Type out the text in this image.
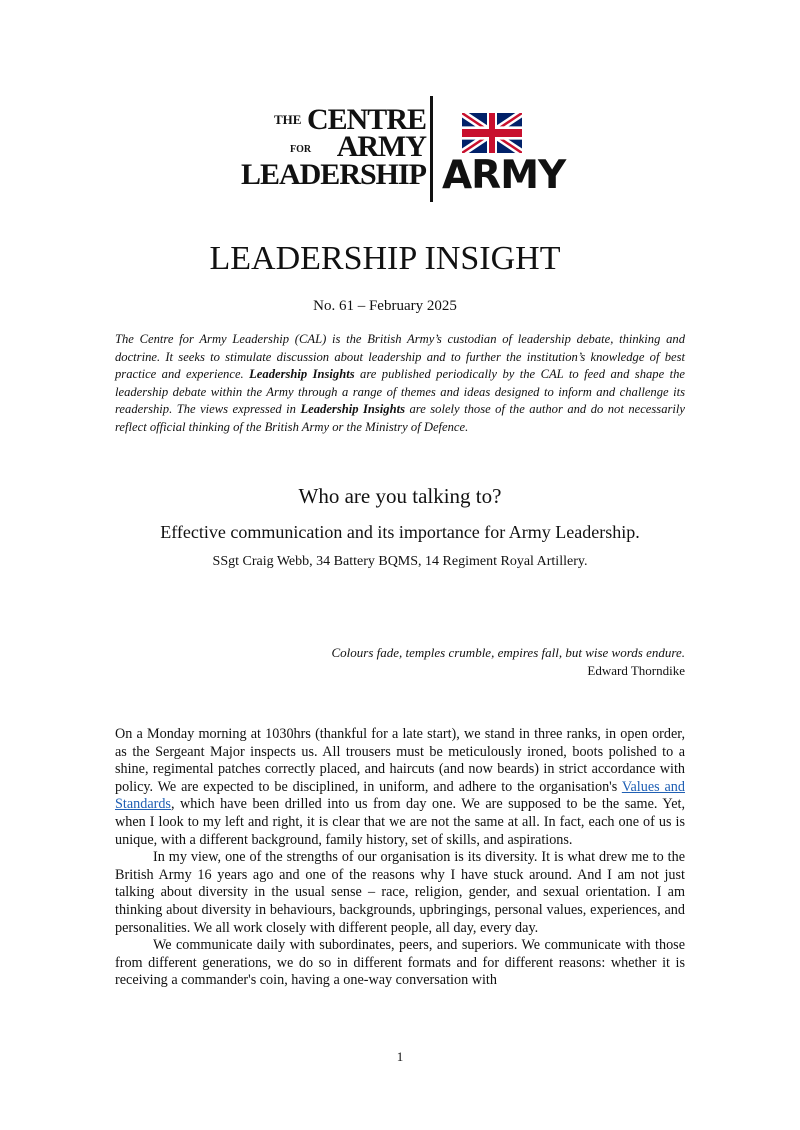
THE CENTRE
FOR ARMY
LEADERSHIP ARMY
LEADERSHIP INSIGHT
No. 61 – February 2025
The Centre for Army Leadership (CAL) is the British Army’s custodian of leadership debate, thinking and doctrine. It seeks to stimulate discussion about leadership and to further the institution’s knowledge of best practice and experience. Leadership Insights are published periodically by the CAL to feed and shape the leadership debate within the Army through a range of themes and ideas designed to inform and challenge its readership. The views expressed in Leadership Insights are solely those of the author and do not necessarily reflect official thinking of the British Army or the Ministry of Defence.
Who are you talking to?
Effective communication and its importance for Army Leadership.
SSgt Craig Webb, 34 Battery BQMS, 14 Regiment Royal Artillery.
Colours fade, temples crumble, empires fall, but wise words endure.
Edward Thorndike

On a Monday morning at 1030hrs (thankful for a late start), we stand in three ranks, in open order, as the Sergeant Major inspects us. All trousers must be meticulously ironed, boots polished to a shine, regimental patches correctly placed, and haircuts (and now beards) in strict accordance with policy. We are expected to be disciplined, in uniform, and adhere to the organisation's Values and Standards, which have been drilled into us from day one. We are supposed to be the same. Yet, when I look to my left and right, it is clear that we are not the same at all. In fact, each one of us is unique, with a different background, family history, set of skills, and aspirations.

In my view, one of the strengths of our organisation is its diversity. It is what drew me to the British Army 16 years ago and one of the reasons why I have stuck around. And I am not just talking about diversity in the usual sense – race, religion, gender, and sexual orientation. I am thinking about diversity in behaviours, backgrounds, upbringings, personal values, experiences, and personalities. We all work closely with different people, all day, every day.

We communicate daily with subordinates, peers, and superiors. We communicate with those from different generations, we do so in different formats and for different reasons: whether it is receiving a commander's coin, having a one-way conversation with

1
